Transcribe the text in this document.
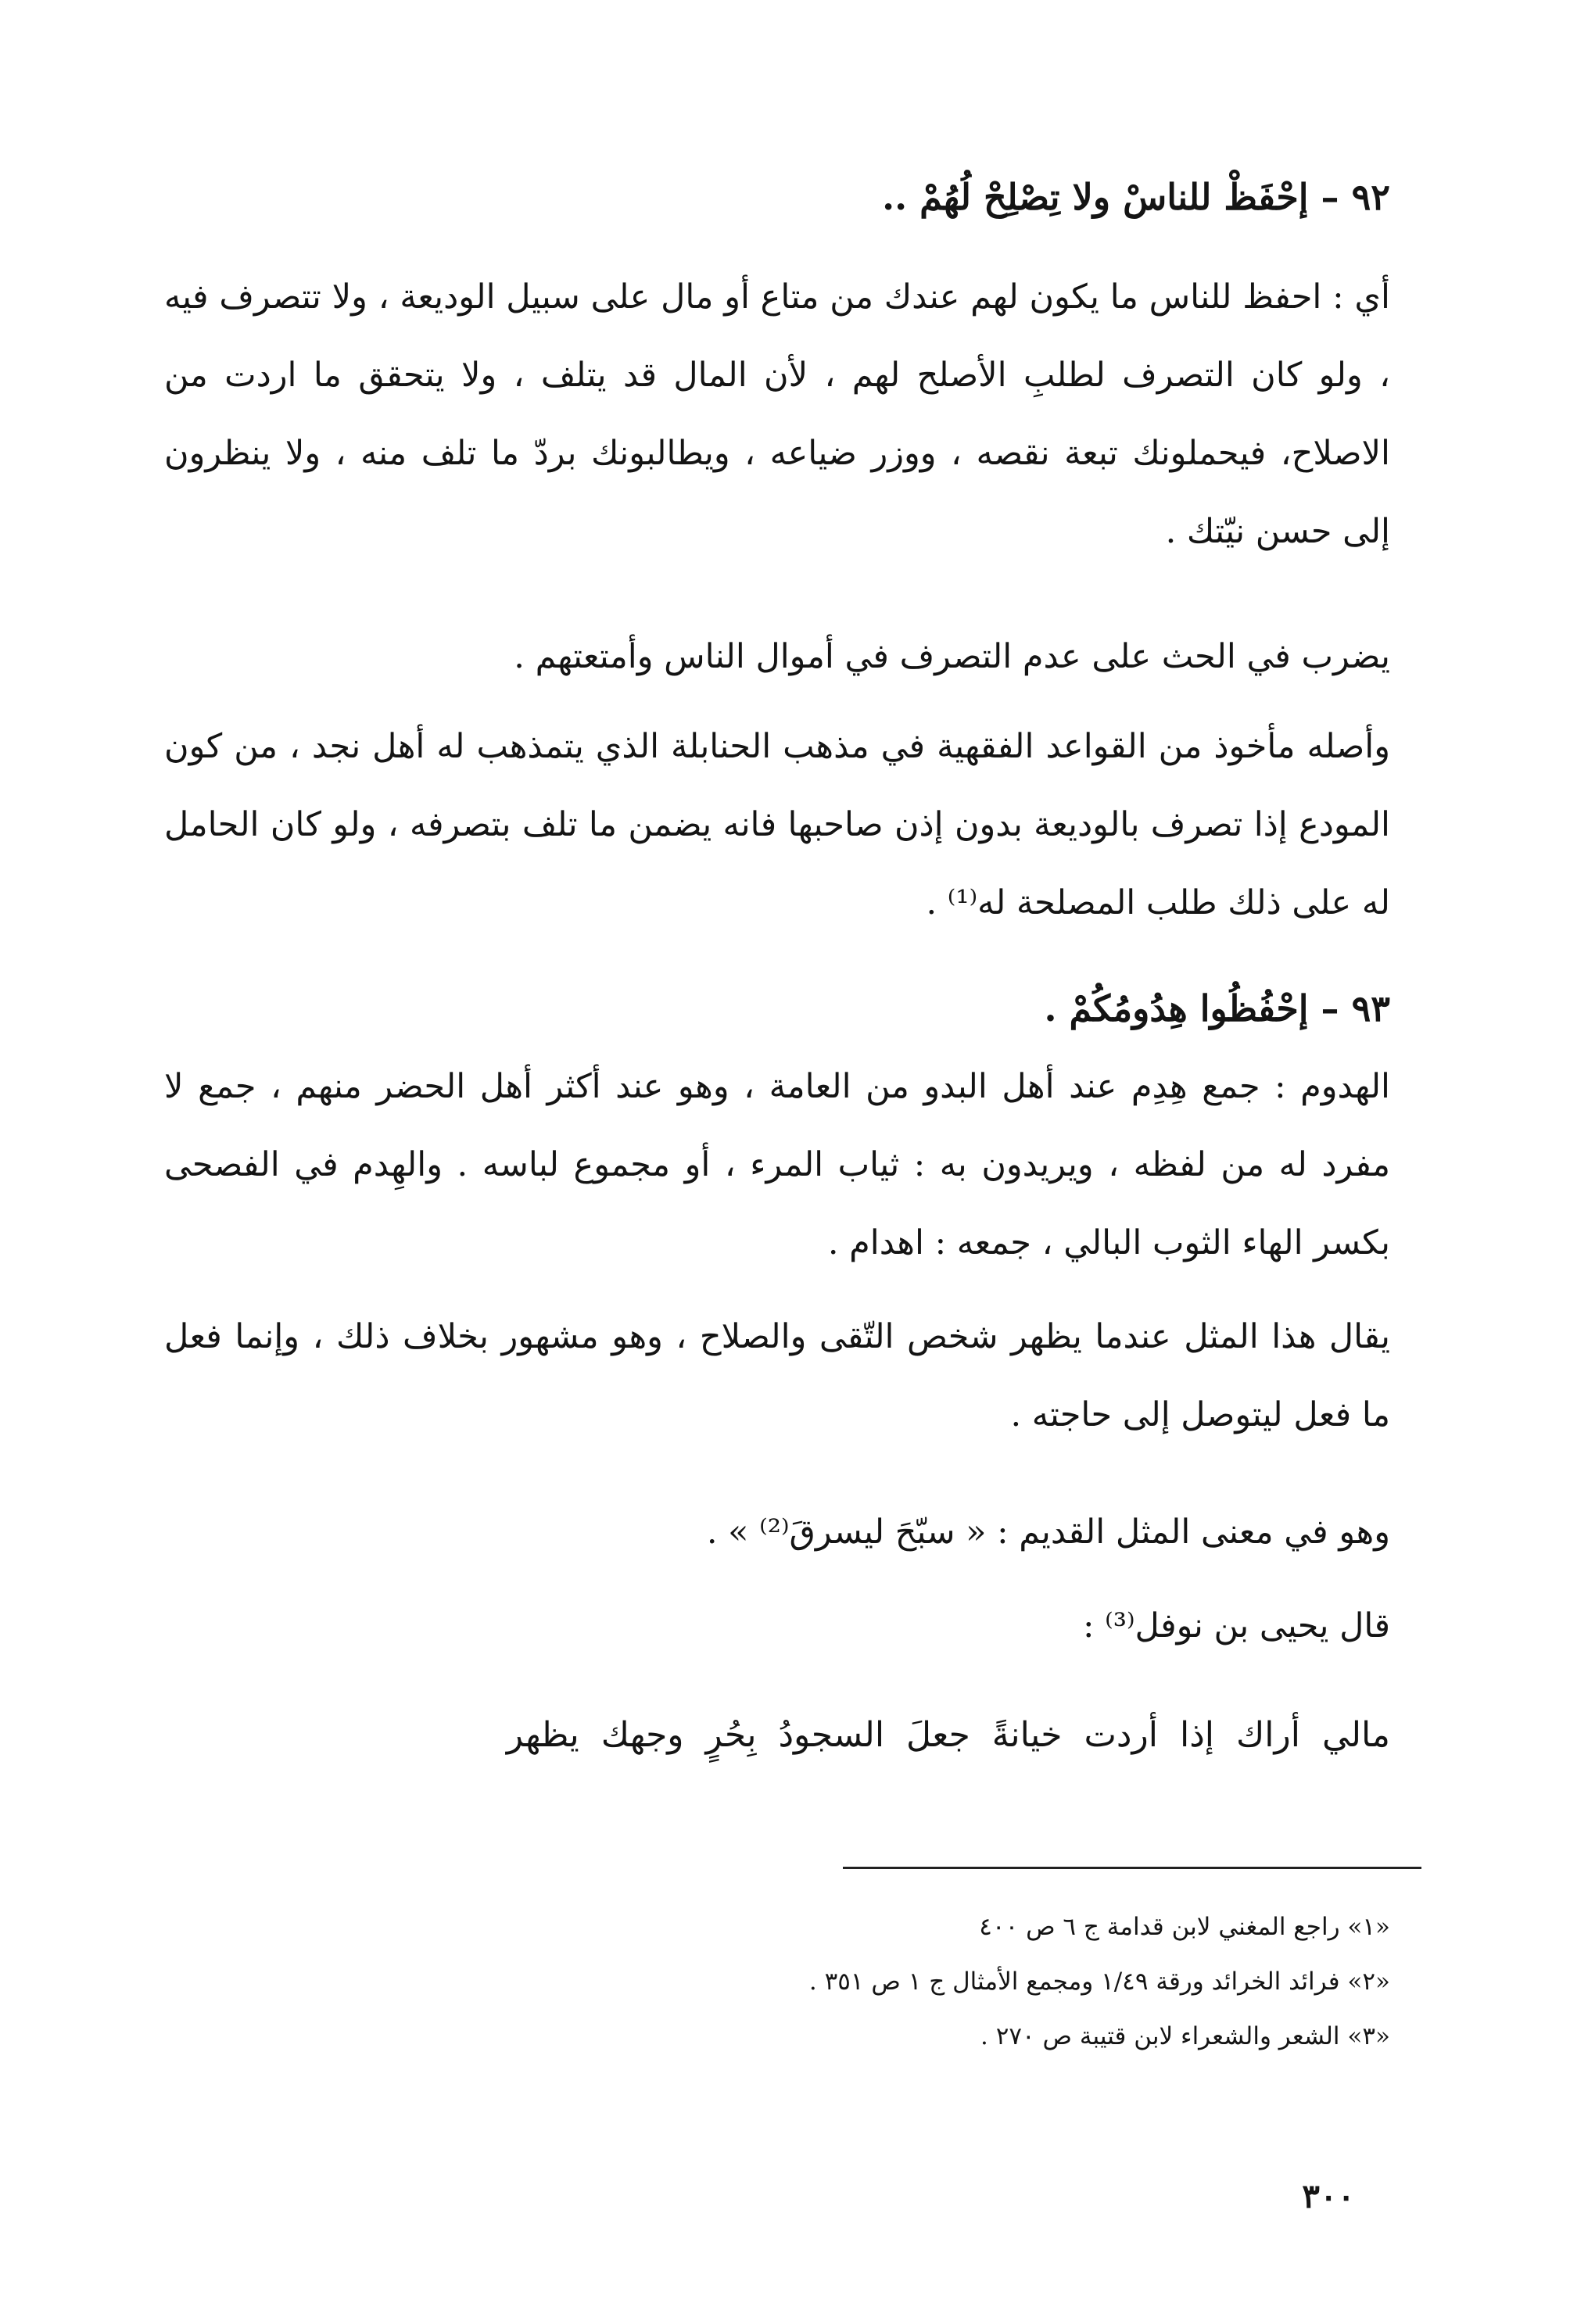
٩٢ – إحْفَظْ للناسْ ولا تِصْلِحْ لُهُمْ ..

أي : احفظ للناس ما يكون لهم عندك من متاع أو مال على سبيل الوديعة ، ولا تتصرف فيه ، ولو كان التصرف لطلبِ الأصلح لهم ، لأن المال قد يتلف ، ولا يتحقق ما اردت من الاصلاح، فيحملونك تبعة نقصه ، ووزر ضياعه ، ويطالبونك بردّ ما تلف منه ، ولا ينظرون إلى حسن نيّتك .

يضرب في الحث على عدم التصرف في أموال الناس وأمتعتهم .

وأصله مأخوذ من القواعد الفقهية في مذهب الحنابلة الذي يتمذهب له أهل نجد ، من كون المودع إذا تصرف بالوديعة بدون إذن صاحبها فانه يضمن ما تلف بتصرفه ، ولو كان الحامل له على ذلك طلب المصلحة له⁽¹⁾ .

٩٣ – إحْفُظُوا هِدُومُكُمْ .

الهدوم : جمع هِدِم عند أهل البدو من العامة ، وهو عند أكثر أهل الحضر منهم ، جمع لا مفرد له من لفظه ، ويريدون به : ثياب المرء ، أو مجموع لباسه . والهِدم في الفصحى بكسر الهاء الثوب البالي ، جمعه : اهدام .

يقال هذا المثل عندما يظهر شخص التّقى والصلاح ، وهو مشهور بخلاف ذلك ، وإنما فعل ما فعل ليتوصل إلى حاجته .

وهو في معنى المثل القديم : « سبّحَ ليسرقَ⁽²⁾ » .
قال يحيى بن نوفل⁽³⁾ :
مالي أراك إذا أردت خيانةً جعلَ السجودُ بِحُرٍ وجهك يظهر
«١» راجع المغني لابن قدامة ج ٦ ص ٤٠٠
«٢» فرائد الخرائد ورقة ١/٤٩ ومجمع الأمثال ج ١ ص ٣٥١ .
«٣» الشعر والشعراء لابن قتيبة ص ٢٧٠ .
٣٠٠
